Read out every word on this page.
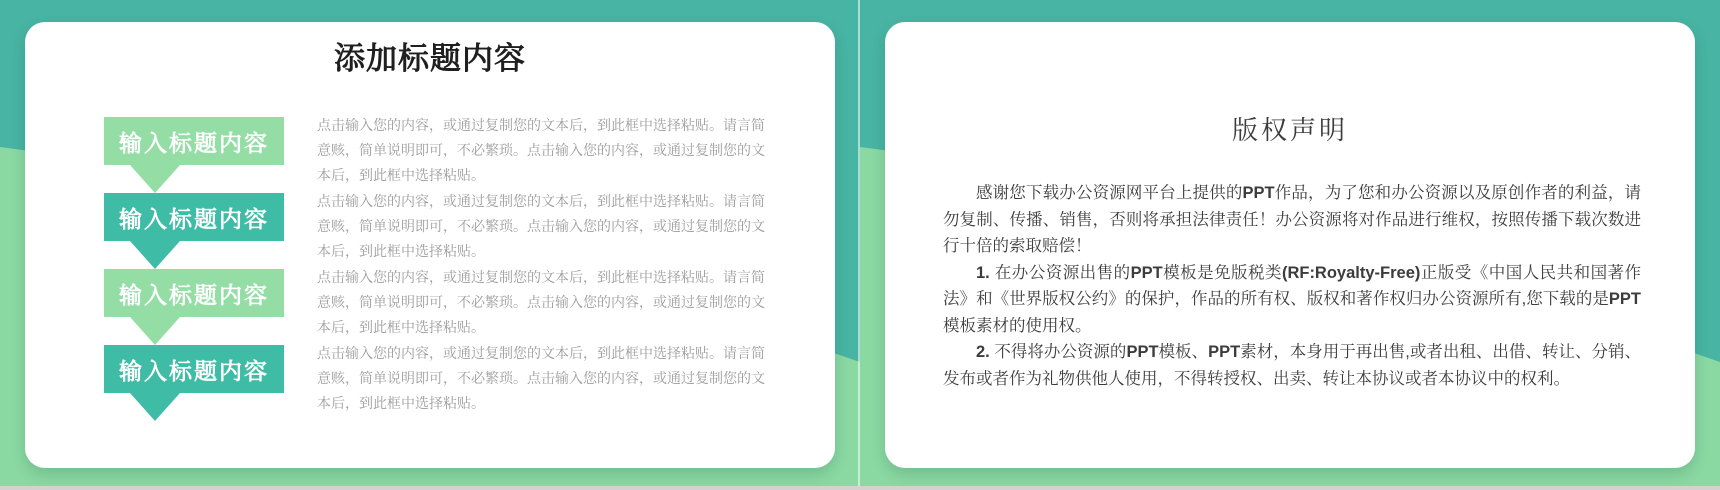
添加标题内容
输入标题内容

点击输入您的内容，或通过复制您的文本后，到此框中选择粘贴。请言简意赅，简单说明即可，不必繁琐。点击输入您的内容，或通过复制您的文本后，到此框中选择粘贴。

输入标题内容

点击输入您的内容，或通过复制您的文本后，到此框中选择粘贴。请言简意赅，简单说明即可，不必繁琐。点击输入您的内容，或通过复制您的文本后，到此框中选择粘贴。

输入标题内容

点击输入您的内容，或通过复制您的文本后，到此框中选择粘贴。请言简意赅，简单说明即可，不必繁琐。点击输入您的内容，或通过复制您的文本后，到此框中选择粘贴。

输入标题内容

点击输入您的内容，或通过复制您的文本后，到此框中选择粘贴。请言简意赅，简单说明即可，不必繁琐。点击输入您的内容，或通过复制您的文本后，到此框中选择粘贴。

版权声明

感谢您下载办公资源网平台上提供的PPT作品，为了您和办公资源以及原创作者的利益，请勿复制、传播、销售，否则将承担法律责任！办公资源将对作品进行维权，按照传播下载次数进行十倍的索取赔偿！

1. 在办公资源出售的PPT模板是免版税类(RF:Royalty-Free)正版受《中国人民共和国著作法》和《世界版权公约》的保护，作品的所有权、版权和著作权归办公资源所有,您下载的是PPT模板素材的使用权。

2. 不得将办公资源的PPT模板、PPT素材，本身用于再出售,或者出租、出借、转让、分销、发布或者作为礼物供他人使用，不得转授权、出卖、转让本协议或者本协议中的权利。
